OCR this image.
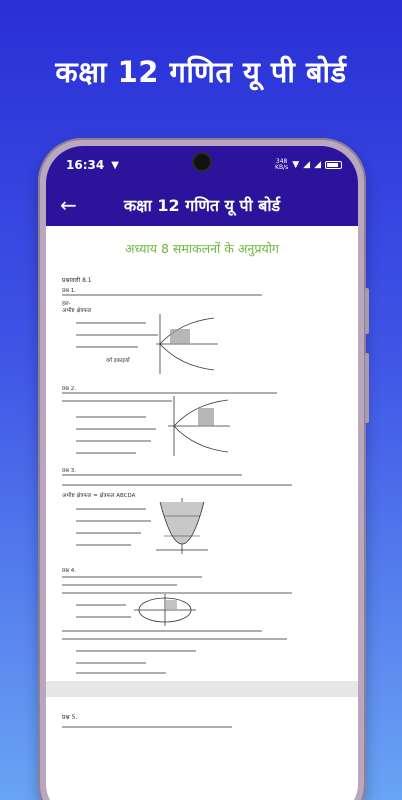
कक्षा 12 गणित यू पी बोर्ड
16:34 ▼	348
KB/s ▼ ◢ ◢
←	कक्षा 12 गणित यू पी बोर्ड
अध्याय 8 समाकलनों के अनुप्रयोग
प्रश्नावली 8.1
प्रश्न 1.
हल-
अभीष्ट क्षेत्रफल
वर्ग इकाइयाँ
प्रश्न 2.
प्रश्न 3.
अभीष्ट क्षेत्रफल = क्षेत्रफल ABCDA
प्रश्न 4.
प्रश्न 5.
